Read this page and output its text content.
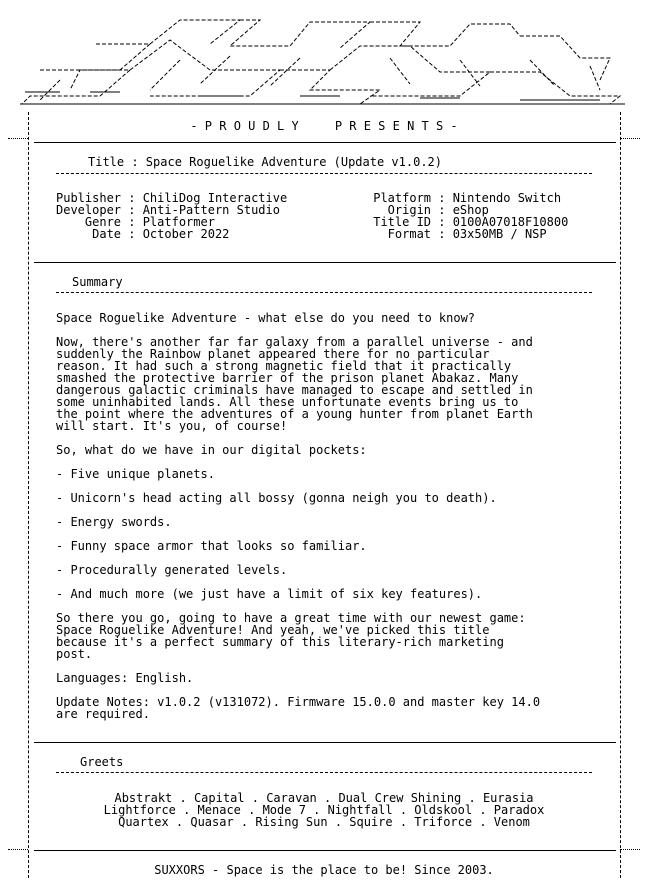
- P R O U D L Y     P R E S E N T S -
Title : Space Roguelike Adventure (Update v1.0.2)
Publisher : ChiliDog Interactive
Developer : Anti-Pattern Studio
Genre : Platformer
Date : October 2022
Platform : Nintendo Switch
Origin : eShop
Title ID : 0100A07018F10800
Format : 03x50MB / NSP
Summary

Space Roguelike Adventure - what else do you need to know?

Now, there's another far far galaxy from a parallel universe - and
suddenly the Rainbow planet appeared there for no particular
reason. It had such a strong magnetic field that it practically
smashed the protective barrier of the prison planet Abakaz. Many
dangerous galactic criminals have managed to escape and settled in
some uninhabited lands. All these unfortunate events bring us to
the point where the adventures of a young hunter from planet Earth
will start. It's you, of course!

So, what do we have in our digital pockets:

- Five unique planets.

- Unicorn's head acting all bossy (gonna neigh you to death).

- Energy swords.

- Funny space armor that looks so familiar.

- Procedurally generated levels.

- And much more (we just have a limit of six key features).

So there you go, going to have a great time with our newest game:
Space Roguelike Adventure! And yeah, we've picked this title
because it's a perfect summary of this literary-rich marketing
post.

Languages: English.

Update Notes: v1.0.2 (v131072). Firmware 15.0.0 and master key 14.0
are required.

Greets
Abstrakt . Capital . Caravan . Dual Crew Shining . Eurasia
Lightforce . Menace . Mode 7 . Nightfall . Oldskool . Paradox
Quartex . Quasar . Rising Sun . Squire . Triforce . Venom
SUXXORS - Space is the place to be! Since 2003.
